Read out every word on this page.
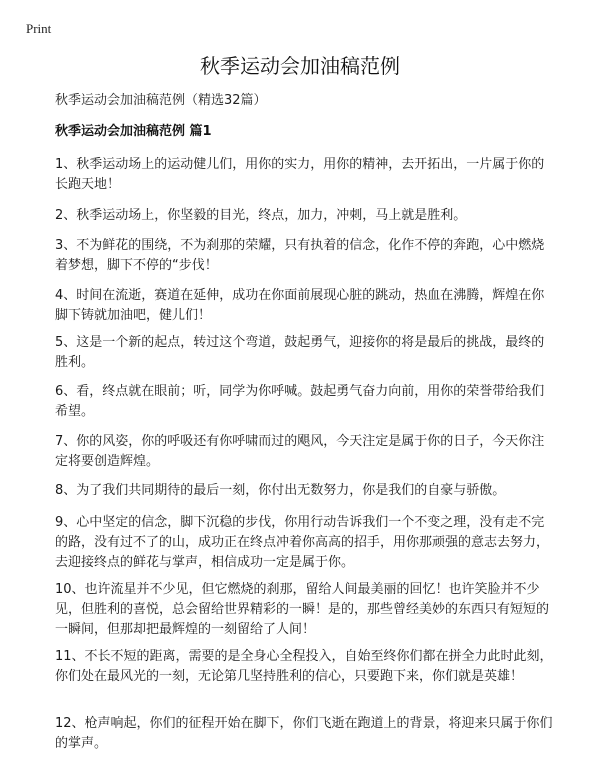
Print
秋季运动会加油稿范例
秋季运动会加油稿范例（精选32篇）
秋季运动会加油稿范例 篇1

1、秋季运动场上的运动健儿们，用你的实力，用你的精神，去开拓出，一片属于你的长跑天地！

2、秋季运动场上，你坚毅的目光，终点，加力，冲刺，马上就是胜利。

3、不为鲜花的围绕，不为刹那的荣耀，只有执着的信念，化作不停的奔跑，心中燃烧着梦想，脚下不停的“步伐！

4、时间在流逝，赛道在延伸，成功在你面前展现心脏的跳动，热血在沸腾，辉煌在你脚下铸就加油吧，健儿们！

5、这是一个新的起点，转过这个弯道，鼓起勇气，迎接你的将是最后的挑战，最终的胜利。

6、看，终点就在眼前；听，同学为你呼喊。鼓起勇气奋力向前，用你的荣誉带给我们希望。

7、你的风姿，你的呼吸还有你呼啸而过的飓风，今天注定是属于你的日子，今天你注定将要创造辉煌。

8、为了我们共同期待的最后一刻，你付出无数努力，你是我们的自豪与骄傲。

9、心中坚定的信念，脚下沉稳的步伐，你用行动告诉我们一个不变之理，没有走不完的路，没有过不了的山，成功正在终点冲着你高高的招手，用你那顽强的意志去努力，去迎接终点的鲜花与掌声，相信成功一定是属于你。

10、也许流星并不少见，但它燃烧的刹那，留给人间最美丽的回忆！也许笑脸并不少见，但胜利的喜悦，总会留给世界精彩的一瞬！是的，那些曾经美妙的东西只有短短的一瞬间，但那却把最辉煌的一刻留给了人间！

11、不长不短的距离，需要的是全身心全程投入，自始至终你们都在拼全力此时此刻，你们处在最风光的一刻，无论第几坚持胜利的信心，只要跑下来，你们就是英雄！

12、枪声响起，你们的征程开始在脚下，你们飞逝在跑道上的背景，将迎来只属于你们的掌声。
